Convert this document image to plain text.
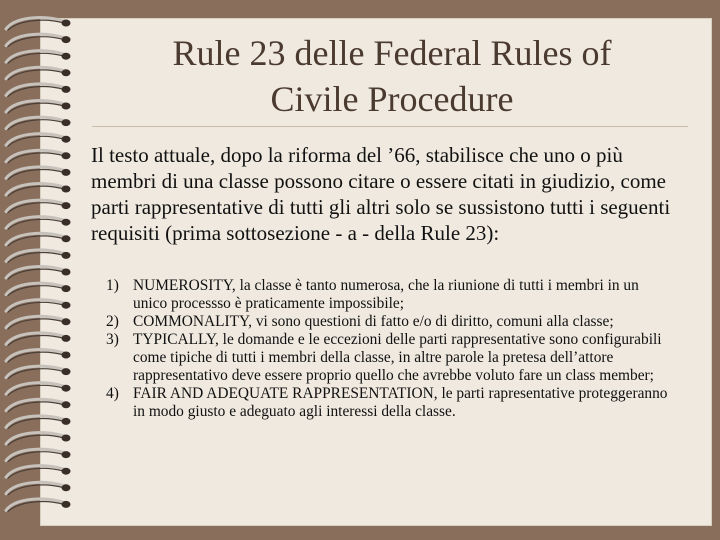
Rule 23 delle Federal Rules of
Civile Procedure
Il testo attuale, dopo la riforma del ’66, stabilisce che uno o più membri di una classe possono citare o essere citati in giudizio, come parti rappresentative di tutti gli altri solo se sussistono tutti i seguenti requisiti (prima sottosezione - a - della Rule 23):
1) NUMEROSITY, la classe è tanto numerosa, che la riunione di tutti i membri in un unico processso è praticamente impossibile;
2) COMMONALITY, vi sono questioni di fatto e/o di diritto, comuni alla classe;
3) TYPICALLY, le domande e le eccezioni delle parti rappresentative sono configurabili come tipiche di tutti i membri della classe, in altre parole la pretesa dell’attore rappresentativo deve essere proprio quello che avrebbe voluto fare un class member;
4) FAIR AND ADEQUATE RAPPRESENTATION, le parti rapresentative proteggeranno in modo giusto e adeguato agli interessi della classe.
